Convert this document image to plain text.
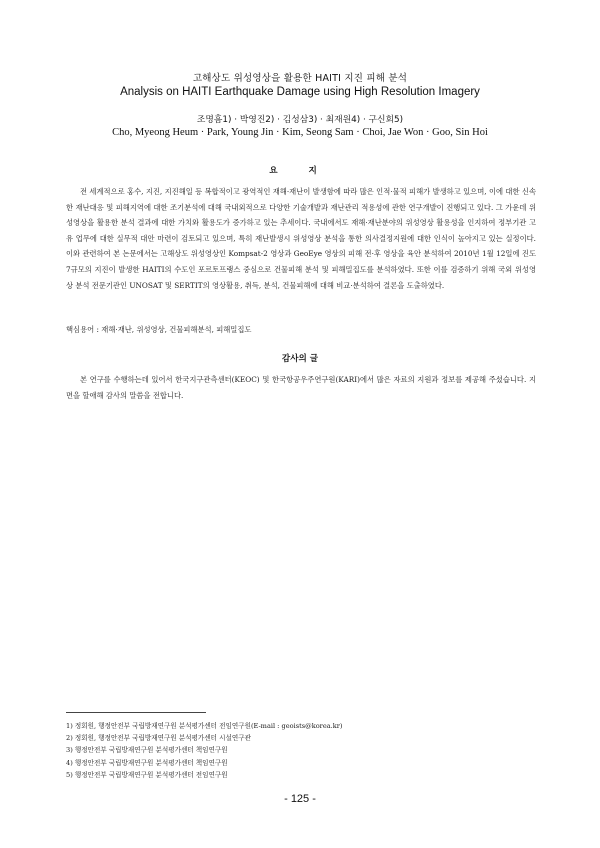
고해상도 위성영상을 활용한 HAITI 지진 피해 분석
Analysis on HAITI Earthquake Damage using High Resolution Imagery
조명흠1) · 박영진2) · 김성삼3) · 최재원4) · 구신회5)
Cho, Myeong Heum · Park, Young Jin · Kim, Seong Sam · Choi, Jae Won · Goo, Sin Hoi
요 지

전 세계적으로 홍수, 지진, 지진해일 등 복합적이고 광역적인 재해·재난이 발생함에 따라 많은 인적·물적 피해가 발생하고 있으며, 이에 대한 신속한 재난대응 및 피해지역에 대한 조기분석에 대해 국내외적으로 다양한 기술개발과 재난관리 적용성에 관한 연구개발이 진행되고 있다. 그 가운데 위성영상을 활용한 분석 결과에 대한 가치와 활용도가 증가하고 있는 추세이다. 국내에서도 재해·재난분야의 위성영상 활용성을 인지하여 정부기관 고유 업무에 대한 실무적 대안 마련이 검토되고 있으며, 특히 재난발생시 위성영상 분석을 통한 의사결정지원에 대한 인식이 높아지고 있는 실정이다. 이와 관련하여 본 논문에서는 고해상도 위성영상인 Kompsat-2 영상과 GeoEye 영상의 피해 전·후 영상을 육안 분석하여 2010년 1월 12일에 진도 7규모의 지진이 발생한 HAITI의 수도인 포르토프랭스 중심으로 건물피해 분석 및 피해밀집도를 분석하였다. 또한 이를 검증하기 위해 국외 위성영상 분석 전문기관인 UNOSAT 및 SERTIT의 영상활용, 취득, 분석, 건물피해에 대해 비교·분석하여 결론을 도출하였다.

핵심용어 : 재해·재난, 위성영상, 건물피해분석, 피해밀집도

감사의 글

본 연구를 수행하는데 있어서 한국지구관측센터(KEOC) 및 한국항공우주연구원(KARI)에서 많은 자료의 지원과 정보를 제공해 주셨습니다. 지면을 할애해 감사의 말씀을 전합니다.

1) 정회원, 행정안전부 국립방재연구원 분석평가센터 전임연구원(E-mail : geoists@korea.kr)
2) 정회원, 행정안전부 국립방재연구원 분석평가센터 시설연구관
3) 행정안전부 국립방재연구원 분석평가센터 책임연구원
4) 행정안전부 국립방재연구원 분석평가센터 책임연구원
5) 행정안전부 국립방재연구원 분석평가센터 전임연구원
- 125 -
